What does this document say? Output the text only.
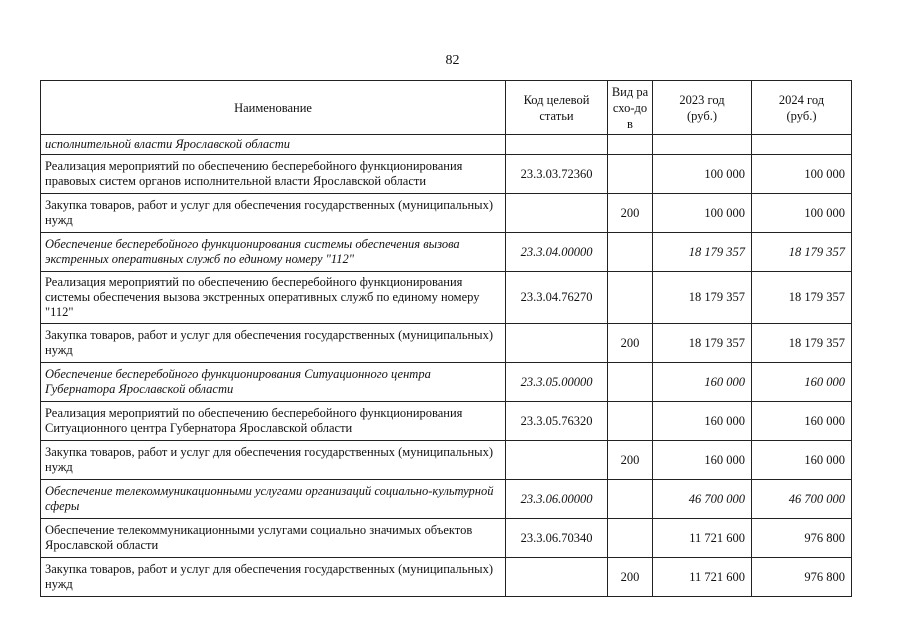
82
Наименование	Код целевой статьи	Вид расхо-дов	2023 год (руб.)	2024 год (руб.)
исполнительной власти Ярославской области				
Реализация мероприятий по обеспечению бесперебойного функционирования правовых систем органов исполнительной власти Ярославской области	23.3.03.72360		100 000	100 000
Закупка товаров, работ и услуг для обеспечения государственных (муниципальных) нужд		200	100 000	100 000
Обеспечение бесперебойного функционирования системы обеспечения вызова экстренных оперативных служб по единому номеру "112"	23.3.04.00000		18 179 357	18 179 357
Реализация мероприятий по обеспечению бесперебойного функционирования системы обеспечения вызова экстренных оперативных служб по единому номеру "112"	23.3.04.76270		18 179 357	18 179 357
Закупка товаров, работ и услуг для обеспечения государственных (муниципальных) нужд		200	18 179 357	18 179 357
Обеспечение бесперебойного функционирования Ситуационного центра Губернатора Ярославской области	23.3.05.00000		160 000	160 000
Реализация мероприятий по обеспечению бесперебойного функционирования Ситуационного центра Губернатора Ярославской области	23.3.05.76320		160 000	160 000
Закупка товаров, работ и услуг для обеспечения государственных (муниципальных) нужд		200	160 000	160 000
Обеспечение телекоммуникационными услугами организаций социально-культурной сферы	23.3.06.00000		46 700 000	46 700 000
Обеспечение телекоммуникационными услугами социально значимых объектов Ярославской области	23.3.06.70340		11 721 600	976 800
Закупка товаров, работ и услуг для обеспечения государственных (муниципальных) нужд		200	11 721 600	976 800
